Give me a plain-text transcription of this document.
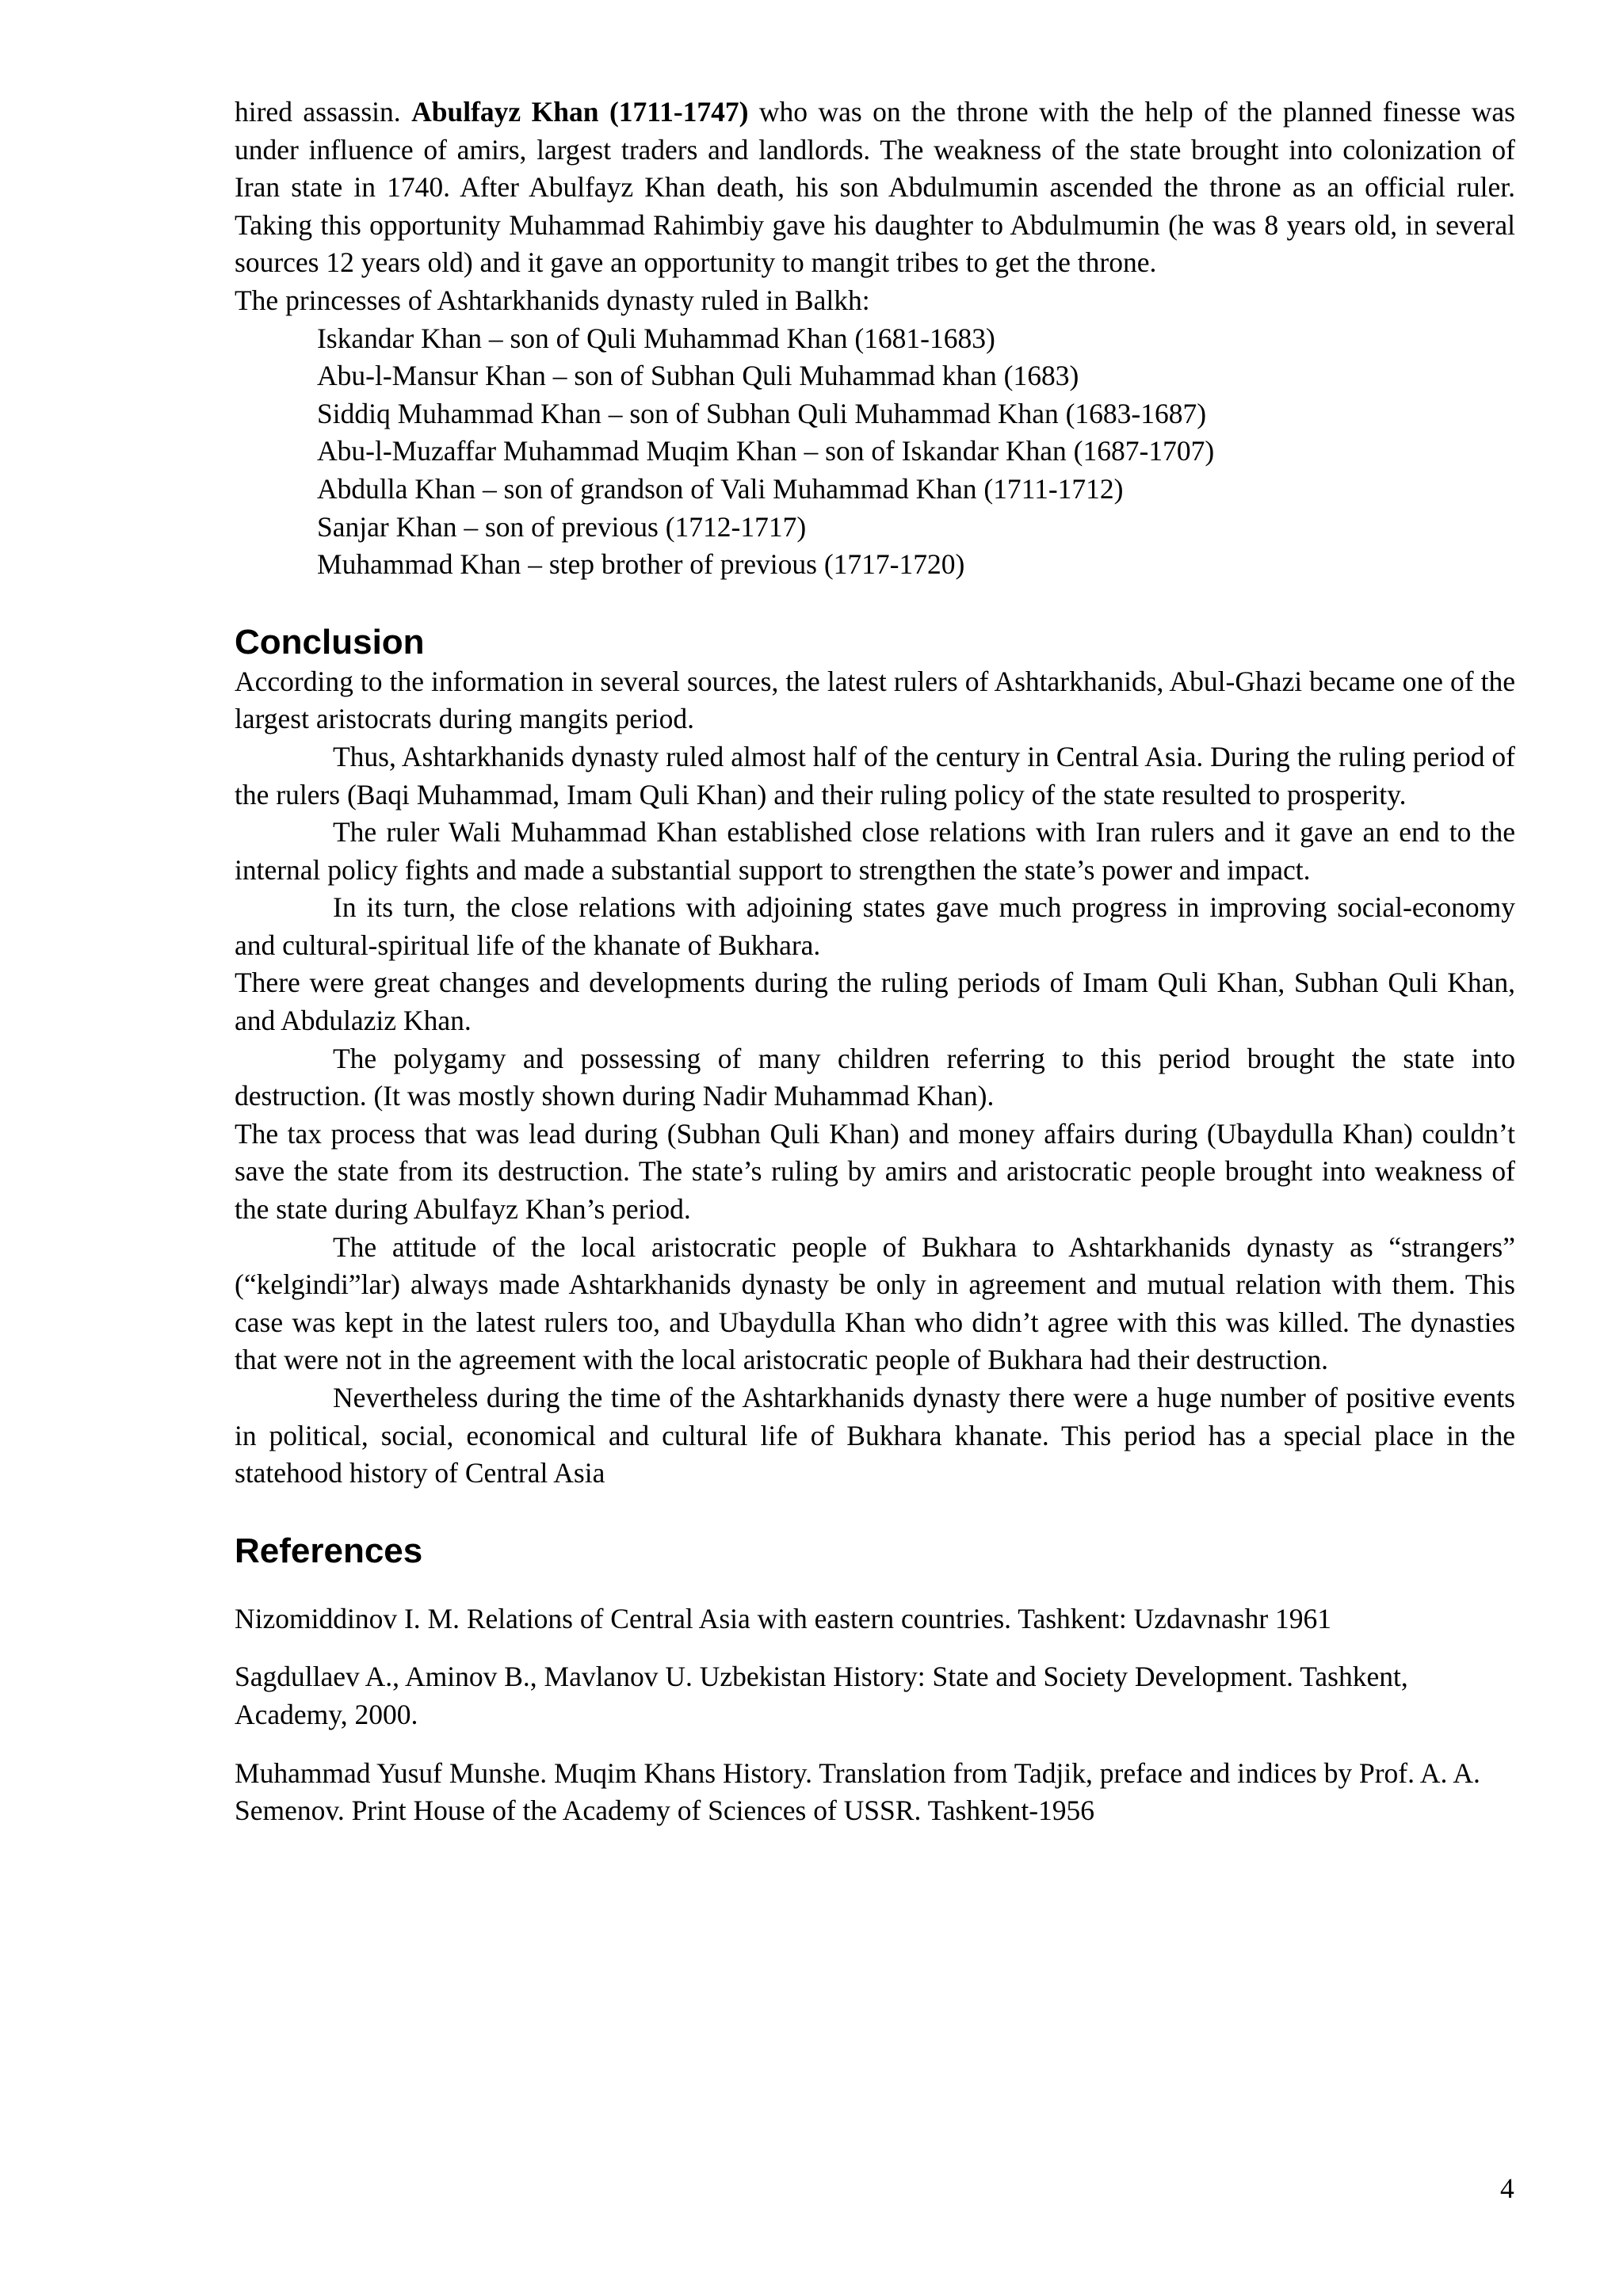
hired assassin. Abulfayz Khan (1711-1747) who was on the throne with the help of the planned finesse was under influence of amirs, largest traders and landlords. The weakness of the state brought into colonization of Iran state in 1740. After Abulfayz Khan death, his son Abdulmumin ascended the throne as an official ruler. Taking this opportunity Muhammad Rahimbiy gave his daughter to Abdulmumin (he was 8 years old, in several sources 12 years old) and it gave an opportunity to mangit tribes to get the throne.

The princesses of Ashtarkhanids dynasty ruled in Balkh:

Iskandar Khan – son of Quli Muhammad Khan (1681-1683)
Abu-l-Mansur Khan – son of Subhan Quli Muhammad khan (1683)
Siddiq Muhammad Khan – son of Subhan Quli Muhammad Khan (1683-1687)
Abu-l-Muzaffar Muhammad Muqim Khan – son of Iskandar Khan (1687-1707)
Abdulla Khan – son of grandson of Vali Muhammad Khan (1711-1712)
Sanjar Khan – son of previous (1712-1717)
Muhammad Khan – step brother of previous (1717-1720)
Conclusion

According to the information in several sources, the latest rulers of Ashtarkhanids, Abul-Ghazi became one of the largest aristocrats during mangits period.

Thus, Ashtarkhanids dynasty ruled almost half of the century in Central Asia. During the ruling period of the rulers (Baqi Muhammad, Imam Quli Khan) and their ruling policy of the state resulted to prosperity.

The ruler Wali Muhammad Khan established close relations with Iran rulers and it gave an end to the internal policy fights and made a substantial support to strengthen the state’s power and impact.

In its turn, the close relations with adjoining states gave much progress in improving social-economy and cultural-spiritual life of the khanate of Bukhara.

There were great changes and developments during the ruling periods of Imam Quli Khan, Subhan Quli Khan, and Abdulaziz Khan.

The polygamy and possessing of many children referring to this period brought the state into destruction. (It was mostly shown during Nadir Muhammad Khan).

The tax process that was lead during (Subhan Quli Khan) and money affairs during (Ubaydulla Khan) couldn’t save the state from its destruction. The state’s ruling by amirs and aristocratic people brought into weakness of the state during Abulfayz Khan’s period.

The attitude of the local aristocratic people of Bukhara to Ashtarkhanids dynasty as “strangers” (“kelgindi”lar) always made Ashtarkhanids dynasty be only in agreement and mutual relation with them. This case was kept in the latest rulers too, and Ubaydulla Khan who didn’t agree with this was killed. The dynasties that were not in the agreement with the local aristocratic people of Bukhara had their destruction.

Nevertheless during the time of the Ashtarkhanids dynasty there were a huge number of positive events in political, social, economical and cultural life of Bukhara khanate. This period has a special place in the statehood history of Central Asia

References

Nizomiddinov I. M. Relations of Central Asia with eastern countries. Tashkent: Uzdavnashr 1961

Sagdullaev A., Aminov B., Mavlanov U. Uzbekistan History: State and Society Development. Tashkent, Academy, 2000.

Muhammad Yusuf Munshe. Muqim Khans History. Translation from Tadjik, preface and indices by Prof. A. A. Semenov. Print House of the Academy of Sciences of USSR. Tashkent-1956

4
